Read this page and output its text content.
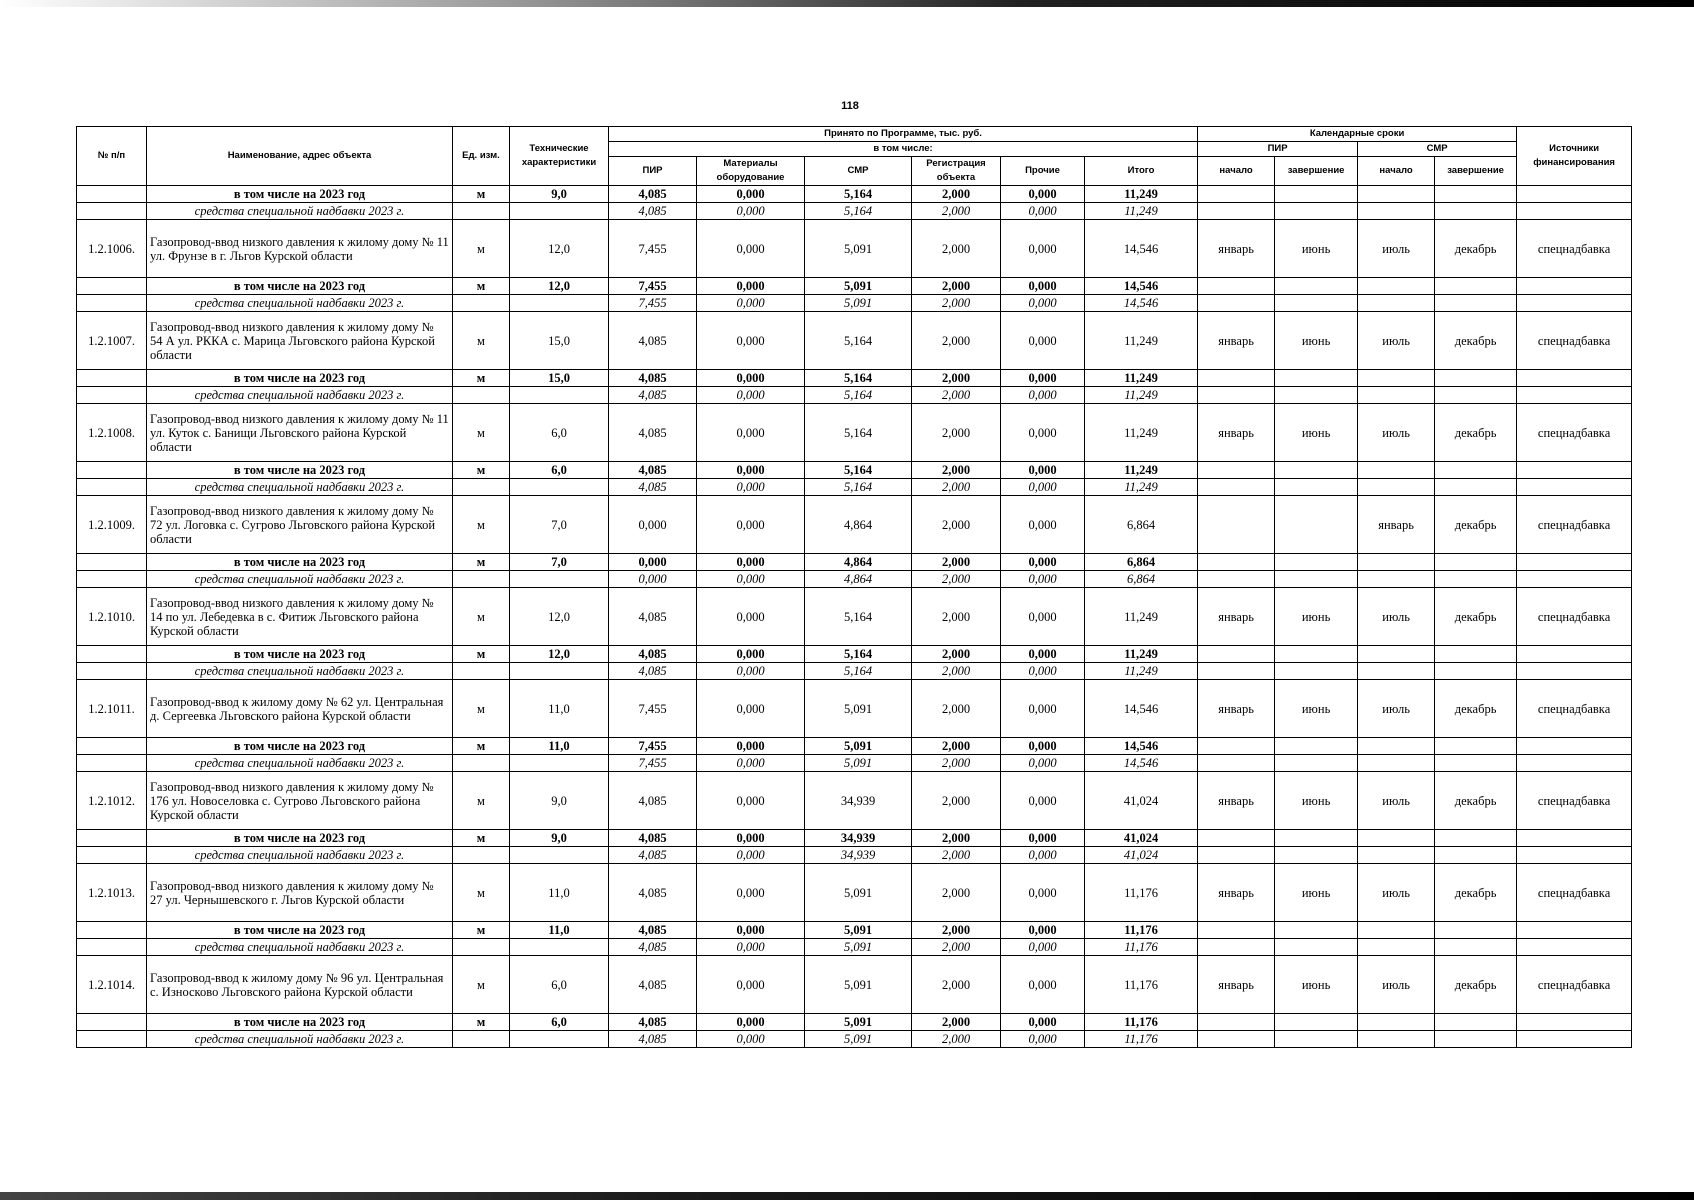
118
№ п/п	Наименование, адрес объекта	Ед. изм.	Технические характеристики	Принято по Программе, тыс. руб.						Календарные сроки				Источники финансирования
				в том числе:						ПИР		СМР		
				ПИР	Материалы оборудование	СМР	Регистрация объекта	Прочие	Итого	начало	завершение	начало	завершение	
	в том числе на 2023 год	м	9,0	4,085	0,000	5,164	2,000	0,000	11,249					
	средства специальной надбавки 2023 г.			4,085	0,000	5,164	2,000	0,000	11,249					
1.2.1006.	Газопровод-ввод низкого давления к жилому дому № 11 ул. Фрунзе в г. Льгов Курской области	м	12,0	7,455	0,000	5,091	2,000	0,000	14,546	январь	июнь	июль	декабрь	спецнадбавка
	в том числе на 2023 год	м	12,0	7,455	0,000	5,091	2,000	0,000	14,546					
	средства специальной надбавки 2023 г.			7,455	0,000	5,091	2,000	0,000	14,546					
1.2.1007.	Газопровод-ввод низкого давления к жилому дому № 54 А ул. РККА с. Марица Льговского района Курской области	м	15,0	4,085	0,000	5,164	2,000	0,000	11,249	январь	июнь	июль	декабрь	спецнадбавка
	в том числе на 2023 год	м	15,0	4,085	0,000	5,164	2,000	0,000	11,249					
	средства специальной надбавки 2023 г.			4,085	0,000	5,164	2,000	0,000	11,249					
1.2.1008.	Газопровод-ввод низкого давления к жилому дому № 11 ул. Куток с. Банищи Льговского района Курской области	м	6,0	4,085	0,000	5,164	2,000	0,000	11,249	январь	июнь	июль	декабрь	спецнадбавка
	в том числе на 2023 год	м	6,0	4,085	0,000	5,164	2,000	0,000	11,249					
	средства специальной надбавки 2023 г.			4,085	0,000	5,164	2,000	0,000	11,249					
1.2.1009.	Газопровод-ввод низкого давления к жилому дому № 72 ул. Логовка с. Сугрово Льговского района Курской области	м	7,0	0,000	0,000	4,864	2,000	0,000	6,864			январь	декабрь	спецнадбавка
	в том числе на 2023 год	м	7,0	0,000	0,000	4,864	2,000	0,000	6,864					
	средства специальной надбавки 2023 г.			0,000	0,000	4,864	2,000	0,000	6,864					
1.2.1010.	Газопровод-ввод низкого давления к жилому дому № 14 по ул. Лебедевка в с. Фитиж Льговского района Курской области	м	12,0	4,085	0,000	5,164	2,000	0,000	11,249	январь	июнь	июль	декабрь	спецнадбавка
	в том числе на 2023 год	м	12,0	4,085	0,000	5,164	2,000	0,000	11,249					
	средства специальной надбавки 2023 г.			4,085	0,000	5,164	2,000	0,000	11,249					
1.2.1011.	Газопровод-ввод к жилому дому № 62 ул. Центральная д. Сергеевка Льговского района Курской области	м	11,0	7,455	0,000	5,091	2,000	0,000	14,546	январь	июнь	июль	декабрь	спецнадбавка
	в том числе на 2023 год	м	11,0	7,455	0,000	5,091	2,000	0,000	14,546					
	средства специальной надбавки 2023 г.			7,455	0,000	5,091	2,000	0,000	14,546					
1.2.1012.	Газопровод-ввод низкого давления к жилому дому № 176 ул. Новоселовка с. Сугрово Льговского района Курской области	м	9,0	4,085	0,000	34,939	2,000	0,000	41,024	январь	июнь	июль	декабрь	спецнадбавка
	в том числе на 2023 год	м	9,0	4,085	0,000	34,939	2,000	0,000	41,024					
	средства специальной надбавки 2023 г.			4,085	0,000	34,939	2,000	0,000	41,024					
1.2.1013.	Газопровод-ввод низкого давления к жилому дому № 27 ул. Чернышевского г. Льгов Курской области	м	11,0	4,085	0,000	5,091	2,000	0,000	11,176	январь	июнь	июль	декабрь	спецнадбавка
	в том числе на 2023 год	м	11,0	4,085	0,000	5,091	2,000	0,000	11,176					
	средства специальной надбавки 2023 г.			4,085	0,000	5,091	2,000	0,000	11,176					
1.2.1014.	Газопровод-ввод к жилому дому № 96 ул. Центральная с. Износково Льговского района Курской области	м	6,0	4,085	0,000	5,091	2,000	0,000	11,176	январь	июнь	июль	декабрь	спецнадбавка
	в том числе на 2023 год	м	6,0	4,085	0,000	5,091	2,000	0,000	11,176					
	средства специальной надбавки 2023 г.			4,085	0,000	5,091	2,000	0,000	11,176					
